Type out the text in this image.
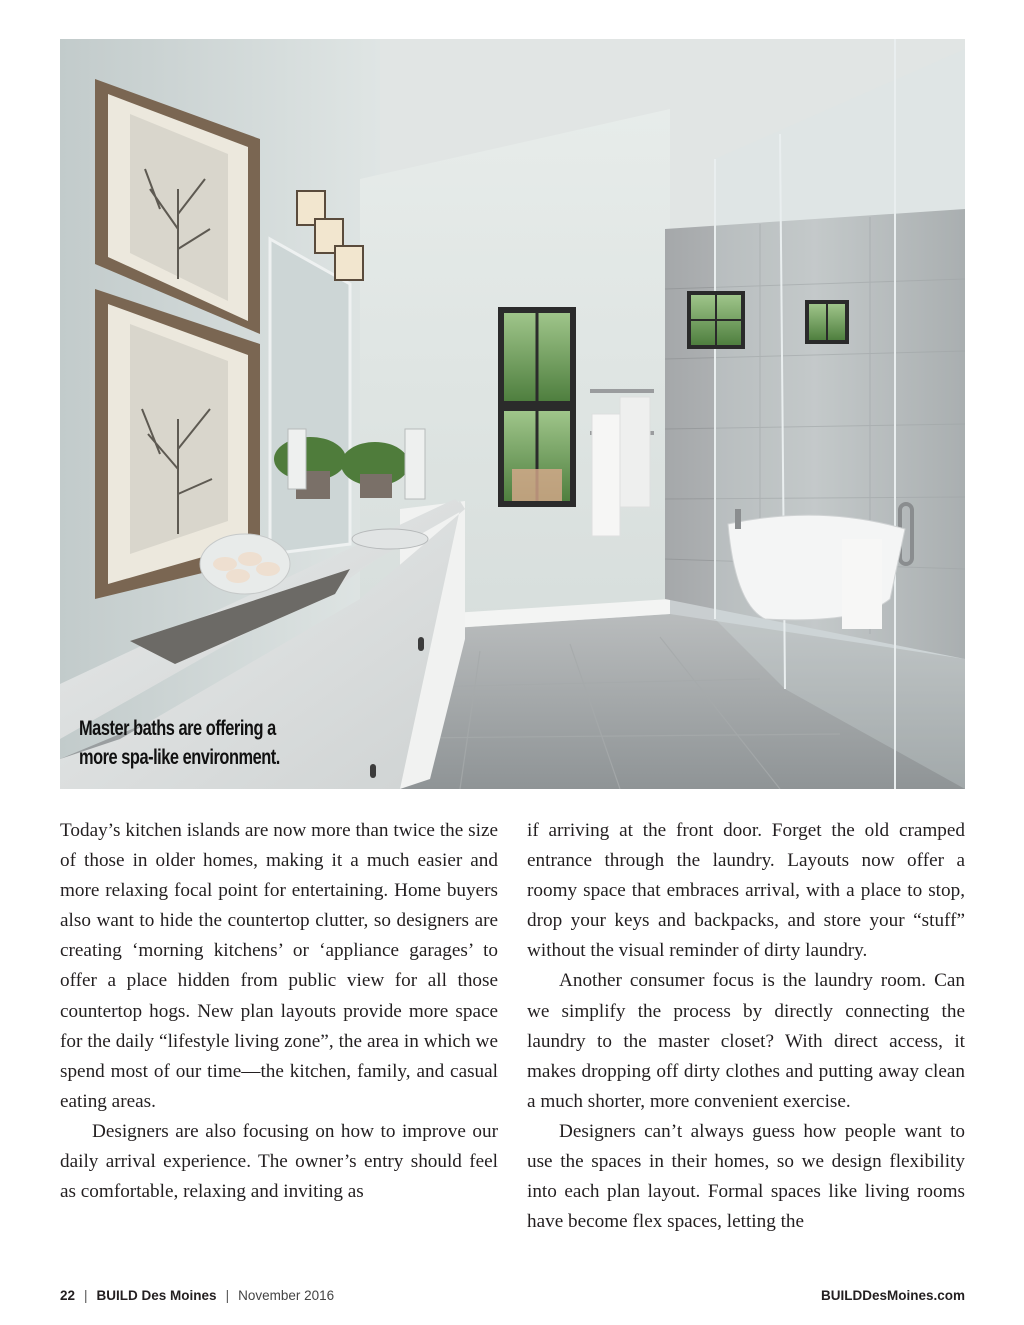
Master baths are offering a
more spa-like environment.

Today’s kitchen islands are now more than twice the size of those in older homes, making it a much easier and more relaxing focal point for entertaining. Home buyers also want to hide the countertop clutter, so designers are creating ‘morning kitchens’ or ‘appliance garages’ to offer a place hidden from public view for all those countertop hogs. New plan layouts provide more space for the daily “lifestyle living zone”, the area in which we spend most of our time—the kitchen, family, and casual eating areas.

Designers are also focusing on how to improve our daily arrival experience. The owner’s entry should feel as comfortable, relaxing and inviting as

if arriving at the front door. Forget the old cramped entrance through the laundry. Layouts now offer a roomy space that embraces arrival, with a place to stop, drop your keys and backpacks, and store your “stuff” without the visual reminder of dirty laundry.

Another consumer focus is the laundry room. Can we simplify the process by directly connecting the laundry to the master closet? With direct access, it makes dropping off dirty clothes and putting away clean a much shorter, more convenient exercise.

Designers can’t always guess how people want to use the spaces in their homes, so we design flexibility into each plan layout. Formal spaces like living rooms have become flex spaces, letting the

22 | BUILD Des Moines | November 2016	BUILDDesMoines.com
